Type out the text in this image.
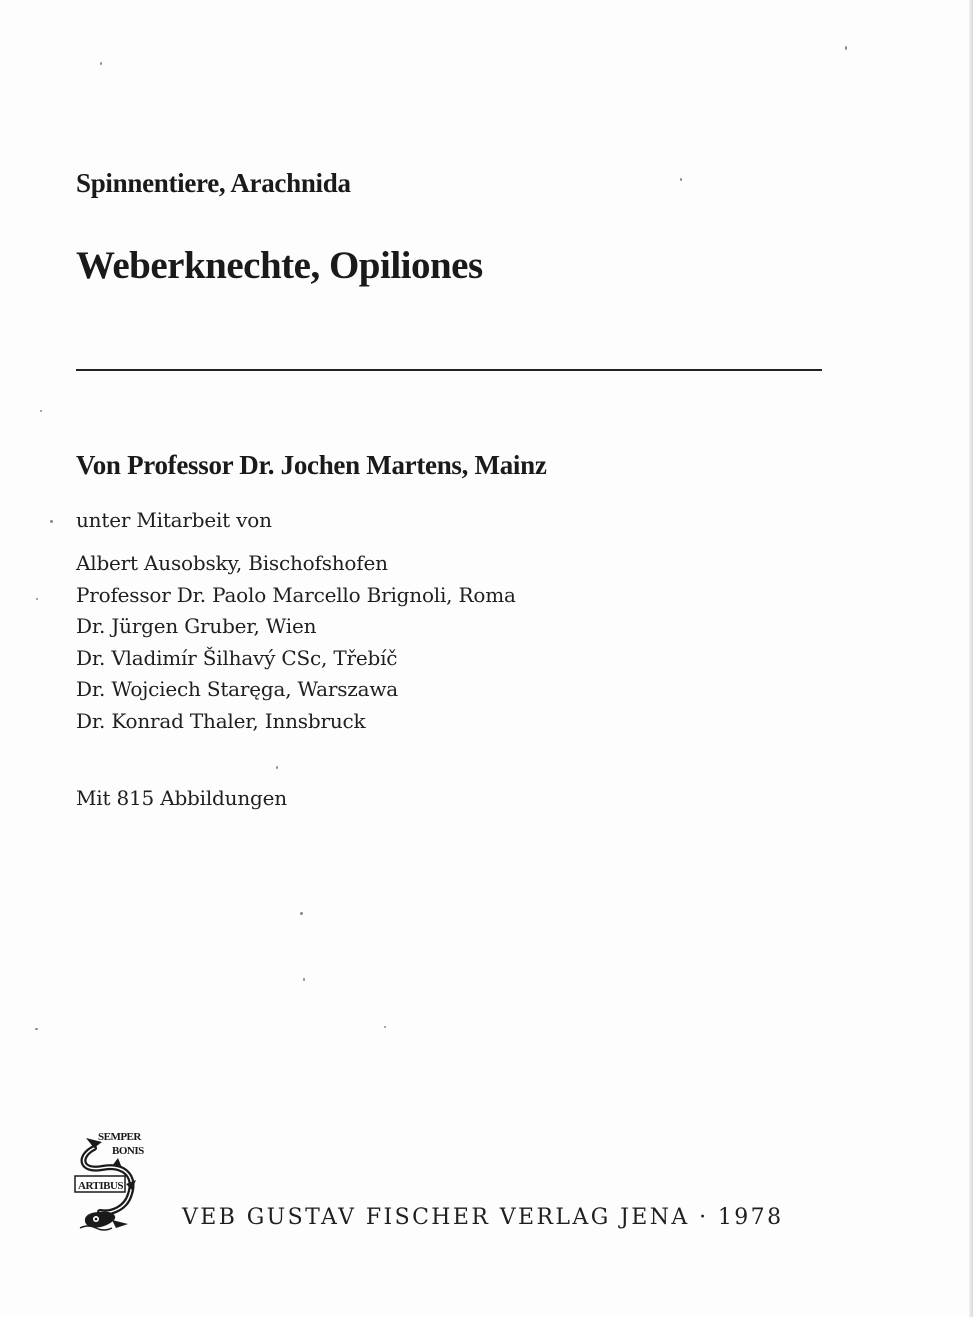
Spinnentiere, Arachnida

Weberknechte, Opiliones

Von Professor Dr. Jochen Martens, Mainz

unter Mitarbeit von

Albert Ausobsky, Bischofshofen
Professor Dr. Paolo Marcello Brignoli, Roma
Dr. Jürgen Gruber, Wien
Dr. Vladimír Šilhavý CSc, Třebíč
Dr. Wojciech Staręga, Warszawa
Dr. Konrad Thaler, Innsbruck

Mit 815 Abbildungen

SEMPER
BONIS
ARTIBUS

VEB GUSTAV FISCHER VERLAG JENA · 1978
